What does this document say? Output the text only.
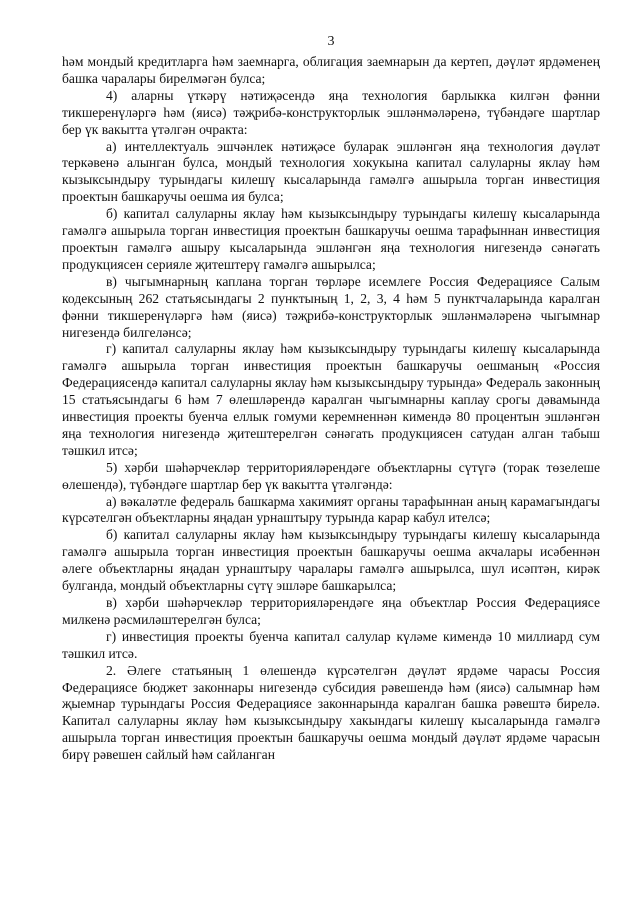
3

һәм мондый кредитларга һәм заемнарга, облигация заемнарын да кертеп, дәүләт ярдәменең башка чаралары бирелмәгән булса;

4) аларны үткәрү нәтиҗәсендә яңа технология барлыкка килгән фәнни тикшеренүләргә һәм (яисә) тәҗрибә-конструкторлык эшләнмәләренә, түбәндәге шартлар бер үк вакытта үтәлгән очракта:

а) интеллектуаль эшчәнлек нәтиҗәсе буларак эшләнгән яңа технология дәүләт теркәвенә алынган булса, мондый технология хокукына капитал салуларны яклау һәм кызыксындыру турындагы килешү кысаларында гамәлгә ашырыла торган инвестиция проектын башкаручы оешма ия булса;

б) капитал салуларны яклау һәм кызыксындыру турындагы килешү кысаларында гамәлгә ашырыла торган инвестиция проектын башкаручы оешма тарафыннан инвестиция проектын гамәлгә ашыру кысаларында эшләнгән яңа технология нигезендә сәнәгать продукциясен серияле җитештерү гамәлгә ашырылса;

в) чыгымнарның каплана торган төрләре исемлеге Россия Федерациясе Салым кодексының 262 статьясындагы 2 пунктының 1, 2, 3, 4 һәм 5 пунктчаларында каралган фәнни тикшеренүләргә һәм (яисә) тәҗрибә-конструкторлык эшләнмәләренә чыгымнар нигезендә билгеләнсә;

г) капитал салуларны яклау һәм кызыксындыру турындагы килешү кысаларында гамәлгә ашырыла торган инвестиция проектын башкаручы оешманың «Россия Федерациясендә капитал салуларны яклау һәм кызыксындыру турында» Федераль законның 15 статьясындагы 6 һәм 7 өлешләрендә каралган чыгымнарны каплау срогы дәвамында инвестиция проекты буенча еллык гомуми керемненнән кимендә 80 процентын эшләнгән яңа технология нигезендә җитештерелгән сәнәгать продукциясен сатудан алган табыш тәшкил итсә;

5) хәрби шәһәрчекләр территорияләрендәге объектларны сүтүгә (торак төзелеше өлешендә), түбәндәге шартлар бер үк вакытта үтәлгәндә:

а) вәкаләтле федераль башкарма хакимият органы тарафыннан аның карамагындагы күрсәтелгән объектларны яңадан урнаштыру турында карар кабул ителсә;

б) капитал салуларны яклау һәм кызыксындыру турындагы килешү кысаларында гамәлгә ашырыла торган инвестиция проектын башкаручы оешма акчалары исәбеннән әлеге объектларны яңадан урнаштыру чаралары гамәлгә ашырылса, шул исәптән, кирәк булганда, мондый объектларны сүтү эшләре башкарылса;

в) хәрби шәһәрчекләр территорияләрендәге яңа объектлар Россия Федерациясе милкенә рәсмиләштерелгән булса;

г) инвестиция проекты буенча капитал салулар күләме кимендә 10 миллиард сум тәшкил итсә.

2. Әлеге статьяның 1 өлешендә күрсәтелгән дәүләт ярдәме чарасы Россия Федерациясе бюджет законнары нигезендә субсидия рәвешендә һәм (яисә) салымнар һәм җыемнар турындагы Россия Федерациясе законнарында каралган башка рәвештә бирелә. Капитал салуларны яклау һәм кызыксындыру хакындагы килешү кысаларында гамәлгә ашырыла торган инвестиция проектын башкаручы оешма мондый дәүләт ярдәме чарасын бирү рәвешен сайлый һәм сайланган
